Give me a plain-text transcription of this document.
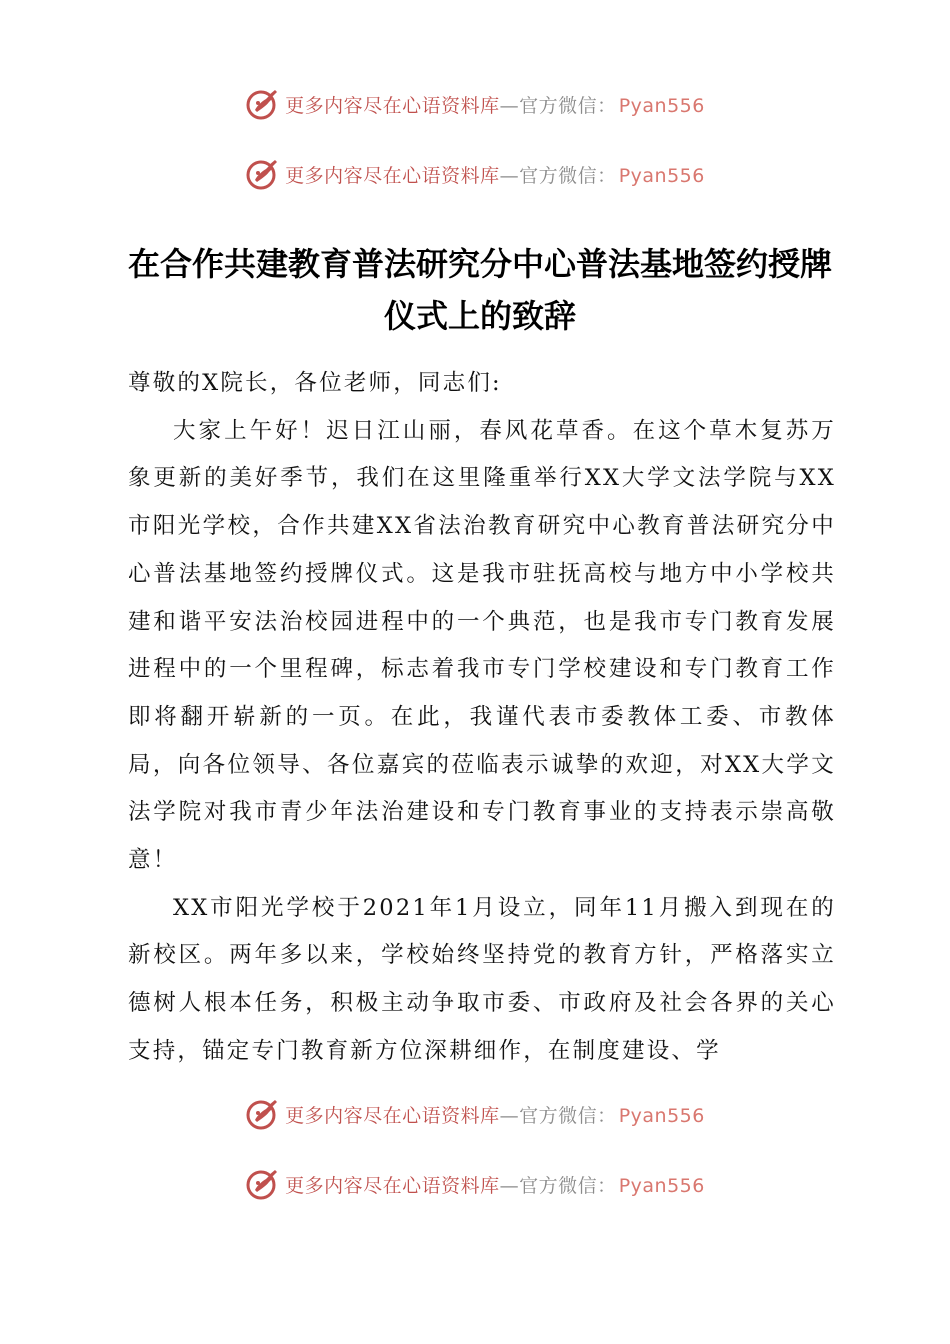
更多内容尽在心语资料库—官方微信： Pyan556
更多内容尽在心语资料库—官方微信： Pyan556
在合作共建教育普法研究分中心普法基地签约授牌仪式上的致辞

尊敬的X院长，各位老师，同志们:

大家上午好！迟日江山丽，春风花草香。在这个草木复苏万象更新的美好季节，我们在这里隆重举行XX大学文法学院与XX市阳光学校，合作共建XX省法治教育研究中心教育普法研究分中心普法基地签约授牌仪式。这是我市驻抚高校与地方中小学校共建和谐平安法治校园进程中的一个典范，也是我市专门教育发展进程中的一个里程碑，标志着我市专门学校建设和专门教育工作即将翻开崭新的一页。在此，我谨代表市委教体工委、市教体局，向各位领导、各位嘉宾的莅临表示诚挚的欢迎，对XX大学文法学院对我市青少年法治建设和专门教育事业的支持表示崇高敬意！

XX市阳光学校于2021年1月设立，同年11月搬入到现在的新校区。两年多以来，学校始终坚持党的教育方针，严格落实立德树人根本任务，积极主动争取市委、市政府及社会各界的关心支持，锚定专门教育新方位深耕细作，在制度建设、学

更多内容尽在心语资料库—官方微信： Pyan556
更多内容尽在心语资料库—官方微信： Pyan556
